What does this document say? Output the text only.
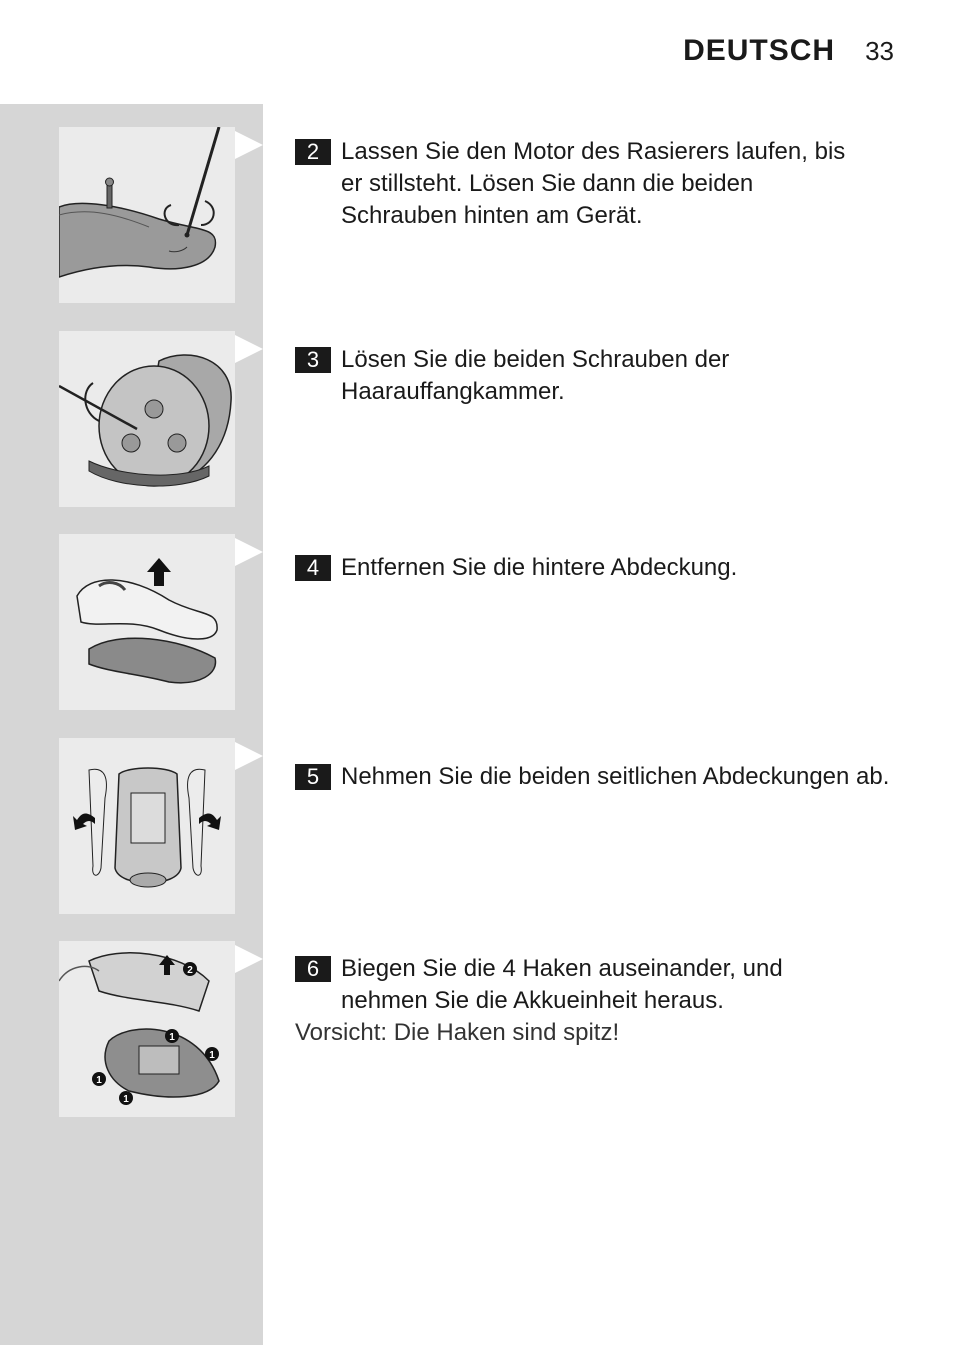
DEUTSCH 33
2
1
1
1
1
2 Lassen Sie den Motor des Rasierers laufen, bis er stillsteht. Lösen Sie dann die beiden Schrauben hinten am Gerät.
3 Lösen Sie die beiden Schrauben der Haarauffangkammer.
4 Entfernen Sie die hintere Abdeckung.
5 Nehmen Sie die beiden seitlichen Abdeckungen ab.
6 Biegen Sie die 4 Haken auseinander, und nehmen Sie die Akkueinheit heraus.
Vorsicht: Die Haken sind spitz!
